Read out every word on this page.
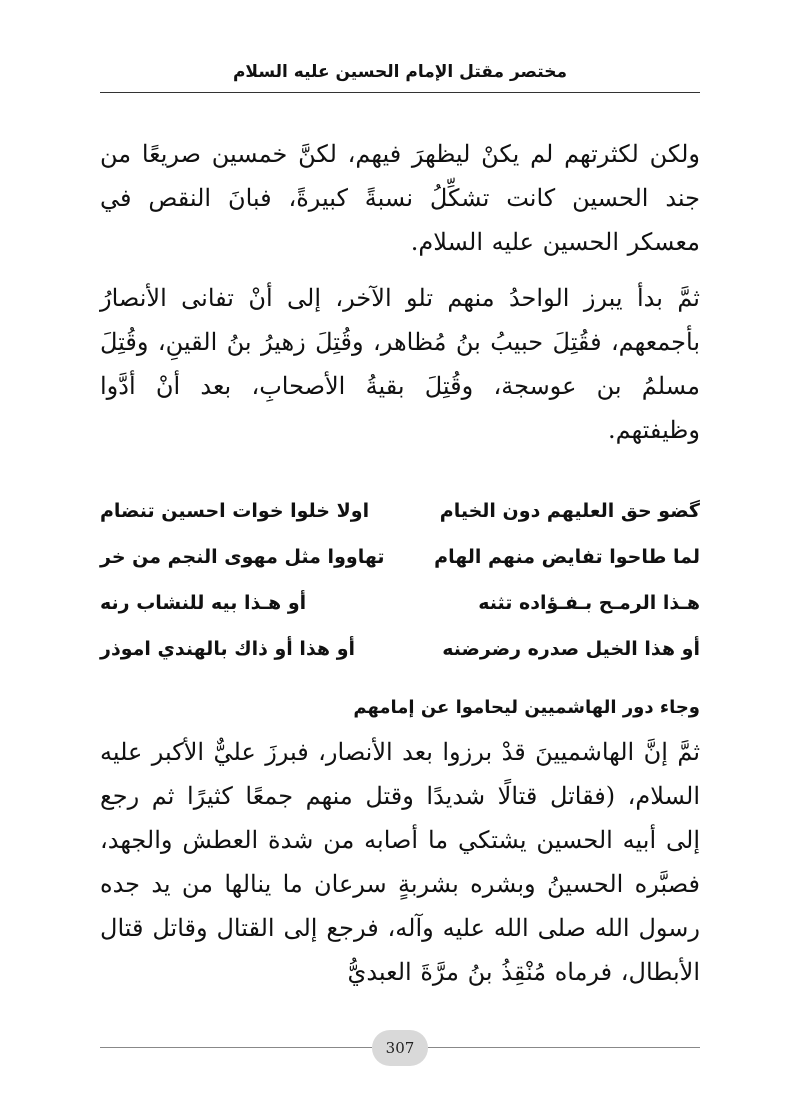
مختصر مقتل الإمام الحسين عليه السلام

ولكن لكثرتهم لم يكنْ ليظهرَ فيهم، لكنَّ خمسين صريعًا من جند الحسين كانت تشكِّلُ نسبةً كبيرةً، فبانَ النقص في معسكر الحسين عليه السلام.

ثمَّ بدأ يبرز الواحدُ منهم تلو الآخر، إلى أنْ تفانى الأنصارُ بأجمعهم، فقُتِلَ حبيبُ بنُ مُظاهر، وقُتِلَ زهيرُ بنُ القينِ، وقُتِلَ مسلمُ بن عوسجة، وقُتِلَ بقيةُ الأصحابِ، بعد أنْ أدَّوا وظيفتهم.

گضو حق العليهم دون الخيام
اولا خلوا خوات احسين تنضام
لما طاحوا تفايض منهم الهام
تهاووا مثل مهوى النجم من خر
هـذا الرمـح بـفـؤاده تثنه
أو هـذا بيه للنشاب رنه
أو هذا الخيل صدره رضرضنه
أو هذا أو ذاك بالهندي اموذر
وجاء دور الهاشميين ليحاموا عن إمامهم

ثمَّ إنَّ الهاشميينَ قدْ برزوا بعد الأنصار، فبرزَ عليٌّ الأكبر عليه السلام، (فقاتل قتالًا شديدًا وقتل منهم جمعًا كثيرًا ثم رجع إلى أبيه الحسين يشتكي ما أصابه من شدة العطش والجهد، فصبَّره الحسينُ وبشره بشربةٍ سرعان ما ينالها من يد جده رسول الله صلى الله عليه وآله، فرجع إلى القتال وقاتل قتال الأبطال، فرماه مُنْقِذُ بنُ مرَّةَ العبديُّ

307
